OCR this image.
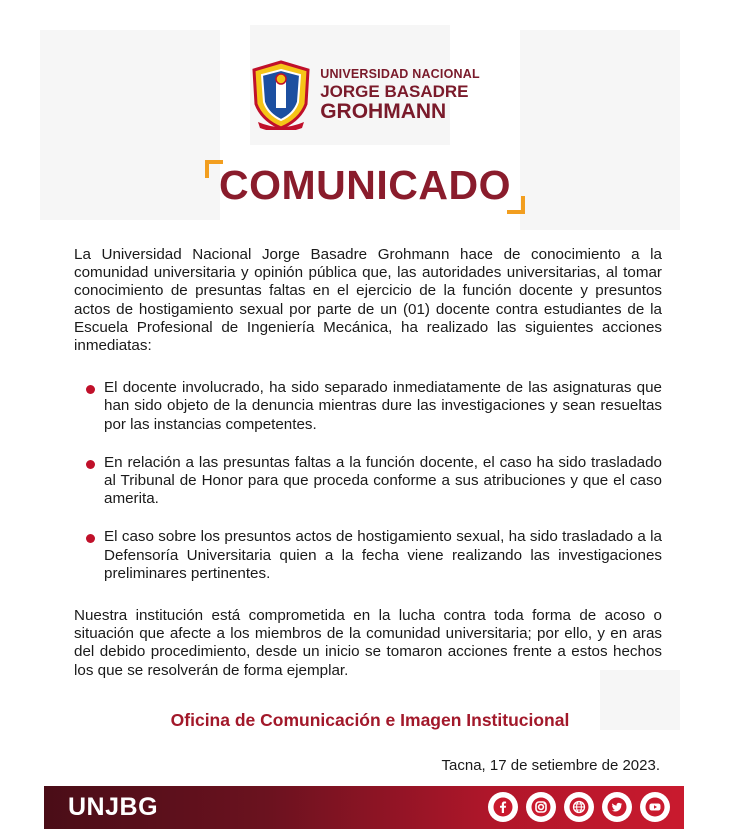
UNIVERSIDAD NACIONAL
JORGE BASADRE
GROHMANN
COMUNICADO

La Universidad Nacional Jorge Basadre Grohmann hace de conocimiento a la comunidad universitaria y opinión pública que, las autoridades universitarias, al tomar conocimiento de presuntas faltas en el ejercicio de la función docente y presuntos actos de hostigamiento sexual por parte de un (01) docente contra estudiantes de la Escuela Profesional de Ingeniería Mecánica, ha realizado las siguientes acciones inmediatas:

El docente involucrado, ha sido separado inmediatamente de las asignaturas que han sido objeto de la denuncia mientras dure las investigaciones y sean resueltas por las instancias competentes.
En relación a las presuntas faltas a la función docente, el caso ha sido trasladado al Tribunal de Honor para que proceda conforme a sus atribuciones y que el caso amerita.
El caso sobre los presuntos actos de hostigamiento sexual, ha sido trasladado a la Defensoría Universitaria quien a la fecha viene realizando las investigaciones preliminares pertinentes.

Nuestra institución está comprometida en la lucha contra toda forma de acoso o situación que afecte a los miembros de la comunidad universitaria; por ello, y en aras del debido procedimiento, desde un inicio se tomaron acciones frente a estos hechos los que se resolverán de forma ejemplar.

Oficina de Comunicación e Imagen Institucional

Tacna, 17 de setiembre de 2023.

UNJBG
